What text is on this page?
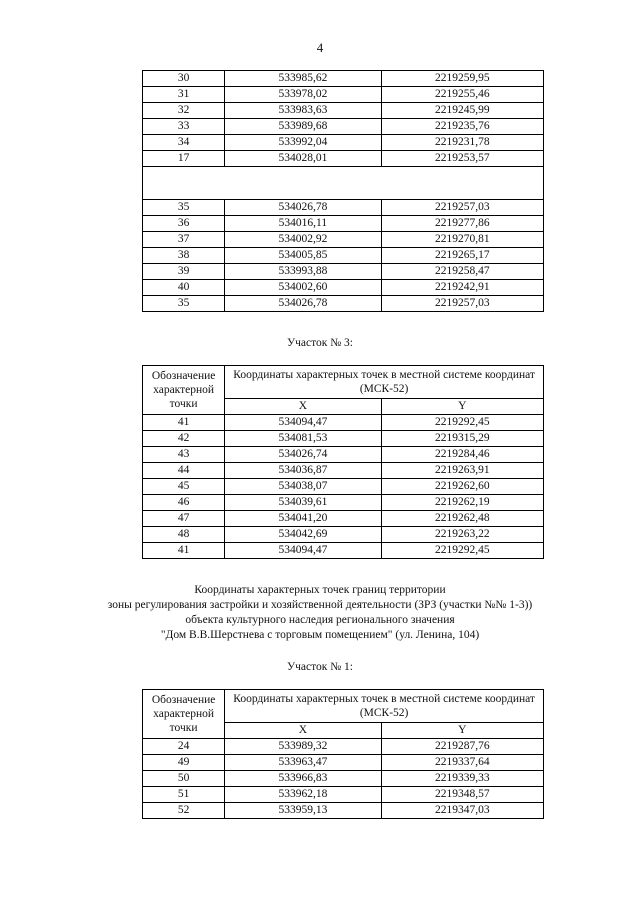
4
30	533985,62	2219259,95
31	533978,02	2219255,46
32	533983,63	2219245,99
33	533989,68	2219235,76
34	533992,04	2219231,78
17	534028,01	2219253,57

35	534026,78	2219257,03
36	534016,11	2219277,86
37	534002,92	2219270,81
38	534005,85	2219265,17
39	533993,88	2219258,47
40	534002,60	2219242,91
35	534026,78	2219257,03
Участок № 3:
Обозначение характерной точки	Координаты характерных точек в местной системе координат (МСК-52)	
	X	Y
41	534094,47	2219292,45
42	534081,53	2219315,29
43	534026,74	2219284,46
44	534036,87	2219263,91
45	534038,07	2219262,60
46	534039,61	2219262,19
47	534041,20	2219262,48
48	534042,69	2219263,22
41	534094,47	2219292,45
Координаты характерных точек границ территории
зоны регулирования застройки и хозяйственной деятельности (ЗРЗ (участки №№ 1-3))
объекта культурного наследия регионального значения
"Дом В.В.Шерстнева с торговым помещением" (ул. Ленина, 104)
Участок № 1:
Обозначение характерной точки	Координаты характерных точек в местной системе координат (МСК-52)	
	X	Y
24	533989,32	2219287,76
49	533963,47	2219337,64
50	533966,83	2219339,33
51	533962,18	2219348,57
52	533959,13	2219347,03
